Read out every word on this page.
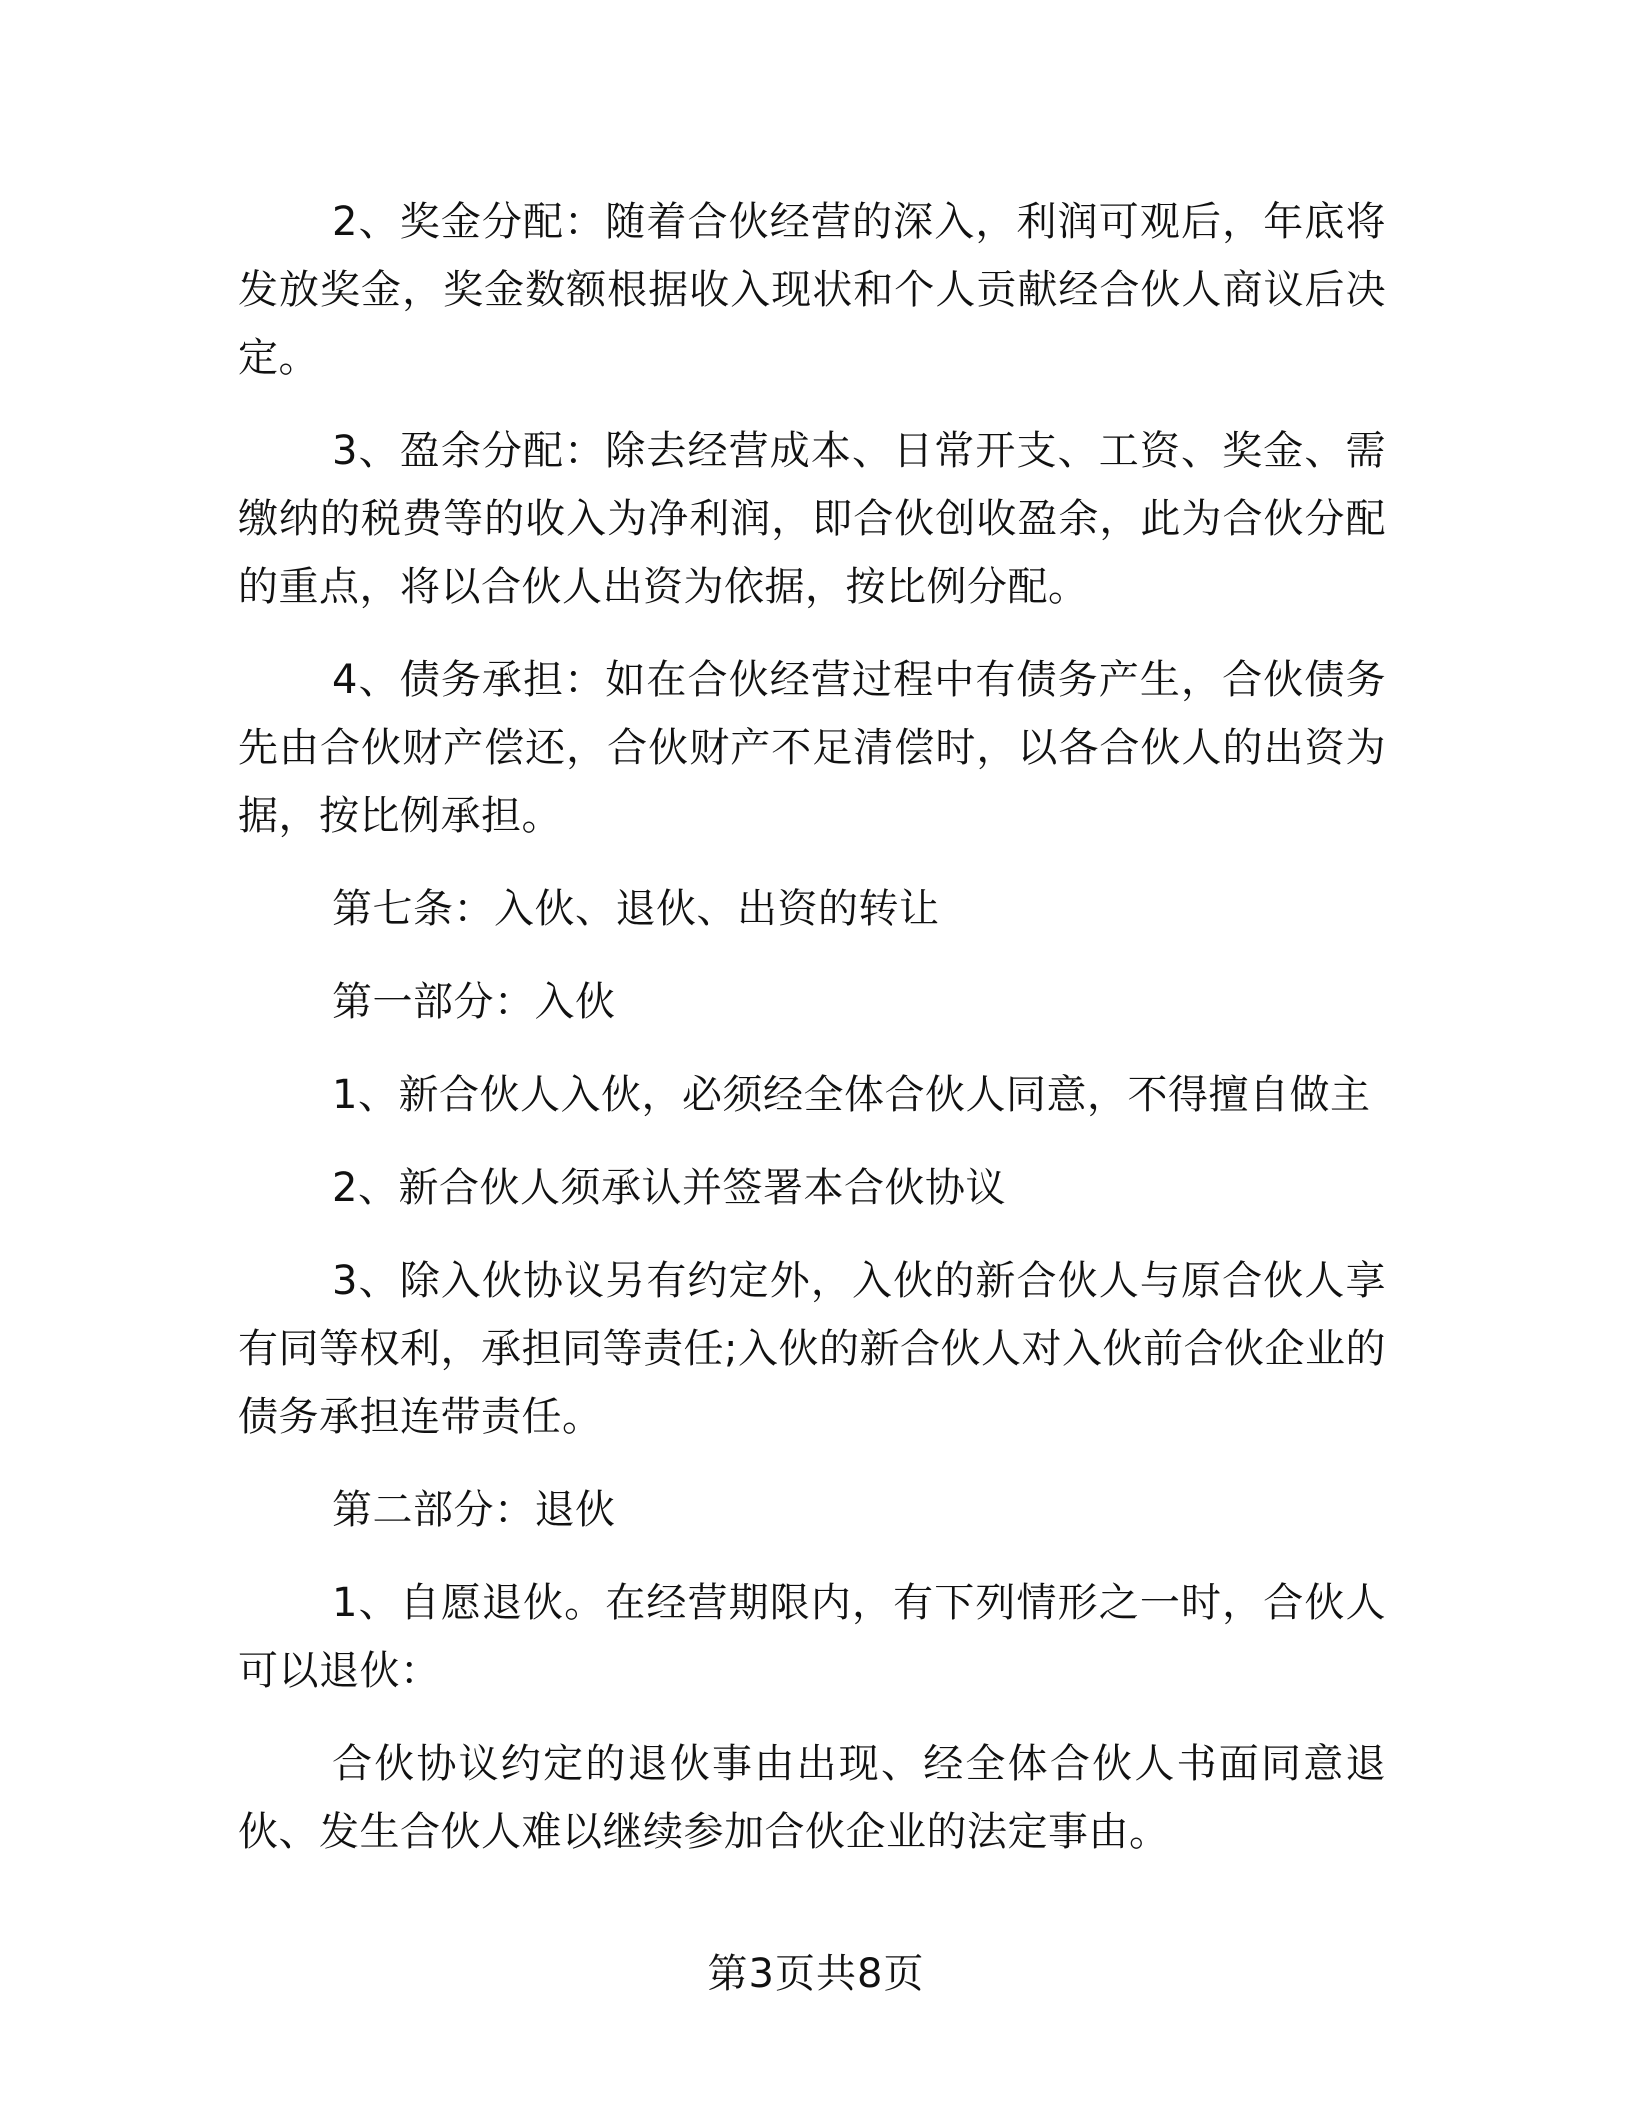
2、奖金分配：随着合伙经营的深入，利润可观后，年底将发放奖金，奖金数额根据收入现状和个人贡献经合伙人商议后决定。

3、盈余分配：除去经营成本、日常开支、工资、奖金、需缴纳的税费等的收入为净利润，即合伙创收盈余，此为合伙分配的重点，将以合伙人出资为依据，按比例分配。

4、债务承担：如在合伙经营过程中有债务产生，合伙债务先由合伙财产偿还，合伙财产不足清偿时，以各合伙人的出资为据，按比例承担。

第七条：入伙、退伙、出资的转让

第一部分：入伙

1、新合伙人入伙，必须经全体合伙人同意，不得擅自做主

2、新合伙人须承认并签署本合伙协议

3、除入伙协议另有约定外，入伙的新合伙人与原合伙人享有同等权利，承担同等责任;入伙的新合伙人对入伙前合伙企业的债务承担连带责任。

第二部分：退伙

1、自愿退伙。在经营期限内，有下列情形之一时，合伙人可以退伙：

合伙协议约定的退伙事由出现、经全体合伙人书面同意退伙、发生合伙人难以继续参加合伙企业的法定事由。

第3页共8页
